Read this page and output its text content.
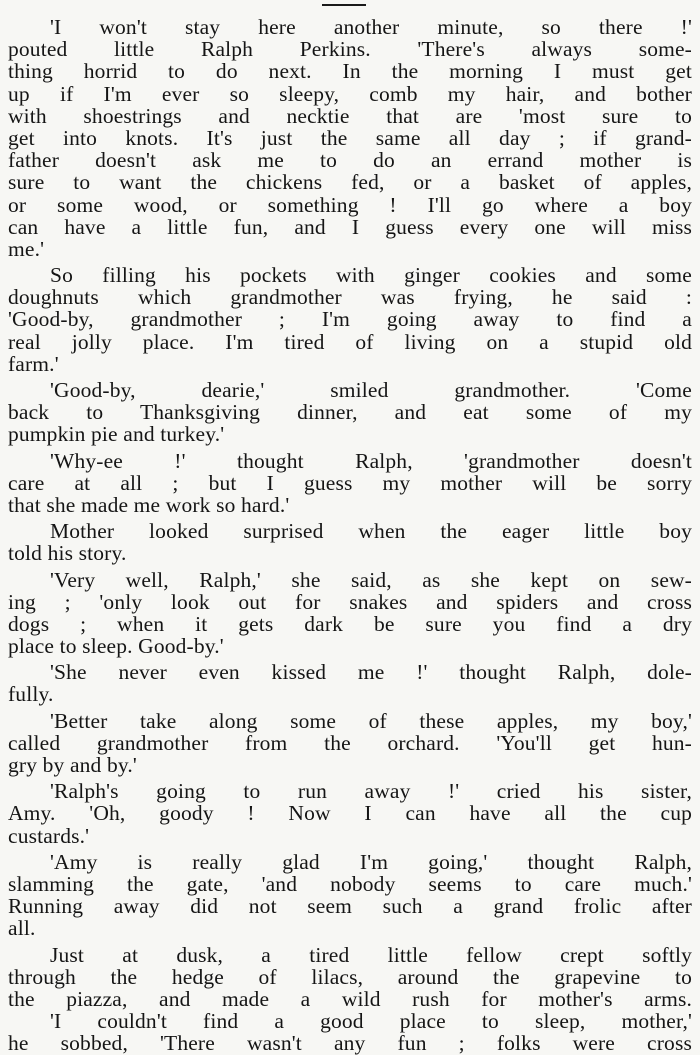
'I won't stay here another minute, so there !'
pouted little Ralph Perkins. 'There's always some-
thing horrid to do next. In the morning I must get
up if I'm ever so sleepy, comb my hair, and bother
with shoestrings and necktie that are 'most sure to
get into knots. It's just the same all day ; if grand-
father doesn't ask me to do an errand mother is
sure to want the chickens fed, or a basket of apples,
or some wood, or something ! I'll go where a boy
can have a little fun, and I guess every one will miss
me.'
So filling his pockets with ginger cookies and some
doughnuts which grandmother was frying, he said :
'Good-by, grandmother ; I'm going away to find a
real jolly place. I'm tired of living on a stupid old
farm.'
'Good-by, dearie,' smiled grandmother. 'Come
back to Thanksgiving dinner, and eat some of my
pumpkin pie and turkey.'
'Why-ee !' thought Ralph, 'grandmother doesn't
care at all ; but I guess my mother will be sorry
that she made me work so hard.'
Mother looked surprised when the eager little boy
told his story.
'Very well, Ralph,' she said, as she kept on sew-
ing ; 'only look out for snakes and spiders and cross
dogs ; when it gets dark be sure you find a dry
place to sleep. Good-by.'
'She never even kissed me !' thought Ralph, dole-
fully.
'Better take along some of these apples, my boy,'
called grandmother from the orchard. 'You'll get hun-
gry by and by.'
'Ralph's going to run away !' cried his sister,
Amy. 'Oh, goody ! Now I can have all the cup
custards.'
'Amy is really glad I'm going,' thought Ralph,
slamming the gate, 'and nobody seems to care much.'
Running away did not seem such a grand frolic after
all.
Just at dusk, a tired little fellow crept softly
through the hedge of lilacs, around the grapevine to
the piazza, and made a wild rush for mother's arms.
'I couldn't find a good place to sleep, mother,'
he sobbed, 'There wasn't any fun ; folks were cross
